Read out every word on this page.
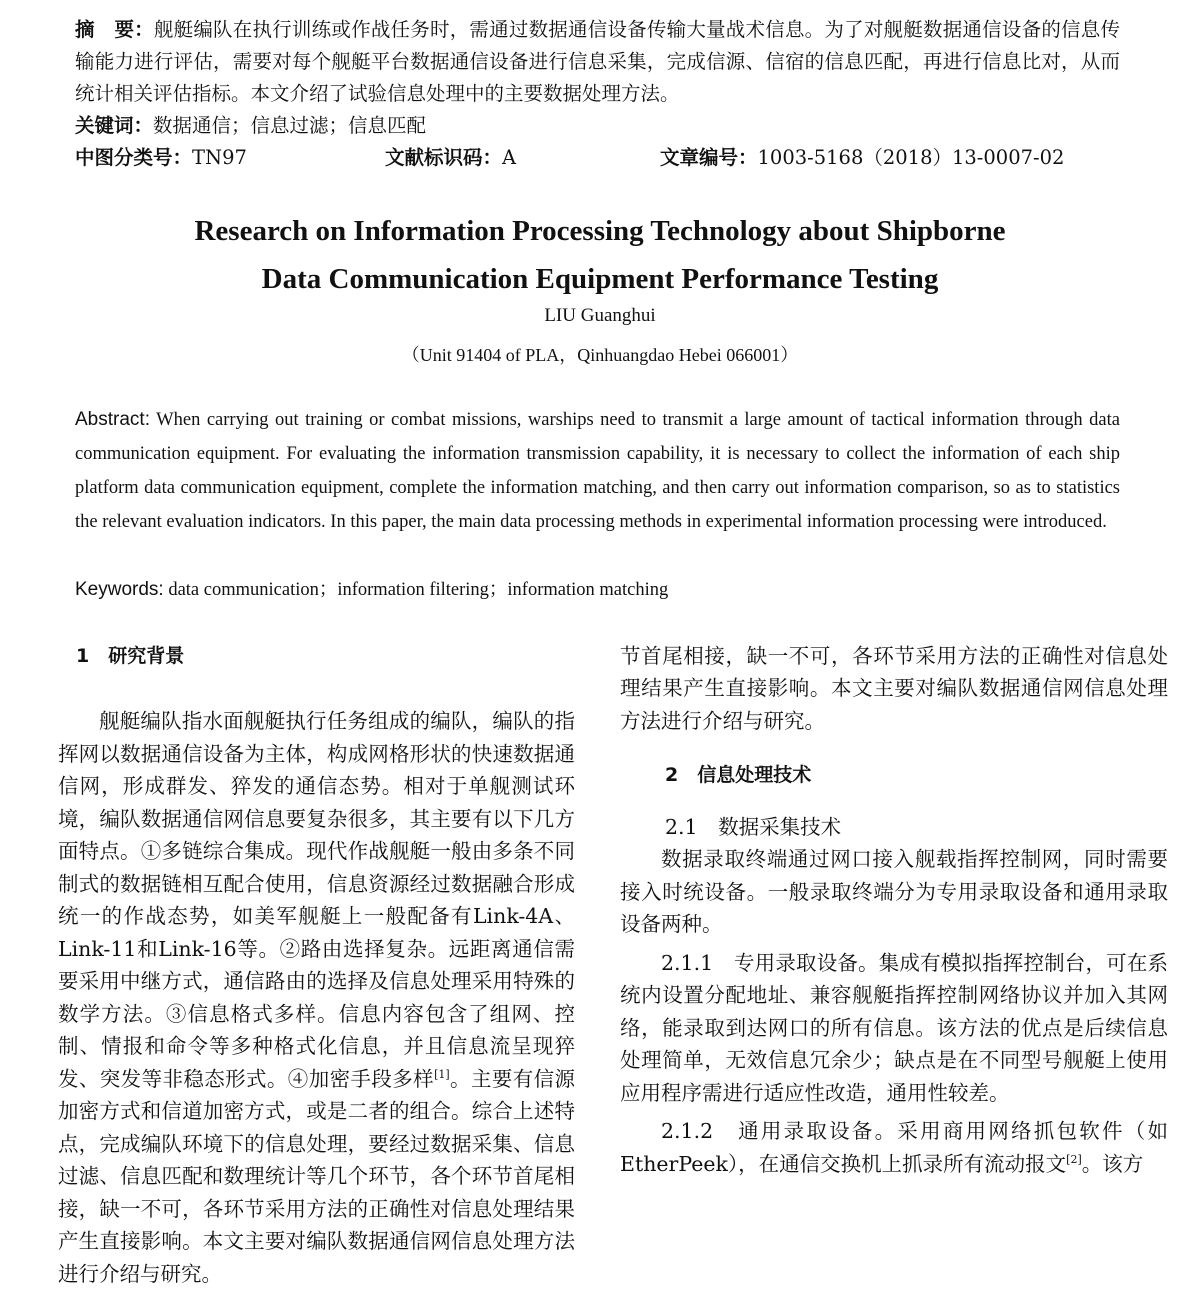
摘　要：舰艇编队在执行训练或作战任务时，需通过数据通信设备传输大量战术信息。为了对舰艇数据通信设备的信息传输能力进行评估，需要对每个舰艇平台数据通信设备进行信息采集，完成信源、信宿的信息匹配，再进行信息比对，从而统计相关评估指标。本文介绍了试验信息处理中的主要数据处理方法。

关键词：数据通信；信息过滤；信息匹配

中图分类号：TN97	文献标识码：A	文章编号：1003-5168（2018）13-0007-02
Research on Information Processing Technology about Shipborne
Data Communication Equipment Performance Testing
LIU Guanghui
（Unit 91404 of PLA，Qinhuangdao Hebei 066001）
Abstract: When carrying out training or combat missions, warships need to transmit a large amount of tactical information through data communication equipment. For evaluating the information transmission capability, it is necessary to collect the information of each ship platform data communication equipment, complete the information matching, and then carry out information comparison, so as to statistics the relevant evaluation indicators. In this paper, the main data processing methods in experimental information processing were introduced.
Keywords: data communication；information filtering；information matching
1　研究背景

舰艇编队指水面舰艇执行任务组成的编队，编队的指挥网以数据通信设备为主体，构成网格形状的快速数据通信网，形成群发、猝发的通信态势。相对于单舰测试环境，编队数据通信网信息要复杂很多，其主要有以下几方面特点。①多链综合集成。现代作战舰艇一般由多条不同制式的数据链相互配合使用，信息资源经过数据融合形成统一的作战态势，如美军舰艇上一般配备有Link-4A、Link-11和Link-16等。②路由选择复杂。远距离通信需要采用中继方式，通信路由的选择及信息处理采用特殊的数学方法。③信息格式多样。信息内容包含了组网、控制、情报和命令等多种格式化信息，并且信息流呈现猝发、突发等非稳态形式。④加密手段多样[1]。主要有信源加密方式和信道加密方式，或是二者的组合。综合上述特点，完成编队环境下的信息处理，要经过数据采集、信息过滤、信息匹配和数理统计等几个环节，各个环节首尾相接，缺一不可，各环节采用方法的正确性对信息处理结果产生直接影响。本文主要对编队数据通信网信息处理方法进行介绍与研究。

节首尾相接，缺一不可，各环节采用方法的正确性对信息处理结果产生直接影响。本文主要对编队数据通信网信息处理方法进行介绍与研究。
2　信息处理技术
2.1　数据采集技术

数据录取终端通过网口接入舰载指挥控制网，同时需要接入时统设备。一般录取终端分为专用录取设备和通用录取设备两种。

2.1.1　专用录取设备。集成有模拟指挥控制台，可在系统内设置分配地址、兼容舰艇指挥控制网络协议并加入其网络，能录取到达网口的所有信息。该方法的优点是后续信息处理简单，无效信息冗余少；缺点是在不同型号舰艇上使用应用程序需进行适应性改造，通用性较差。

2.1.2　通用录取设备。采用商用网络抓包软件（如EtherPeek），在通信交换机上抓录所有流动报文[2]。该方
